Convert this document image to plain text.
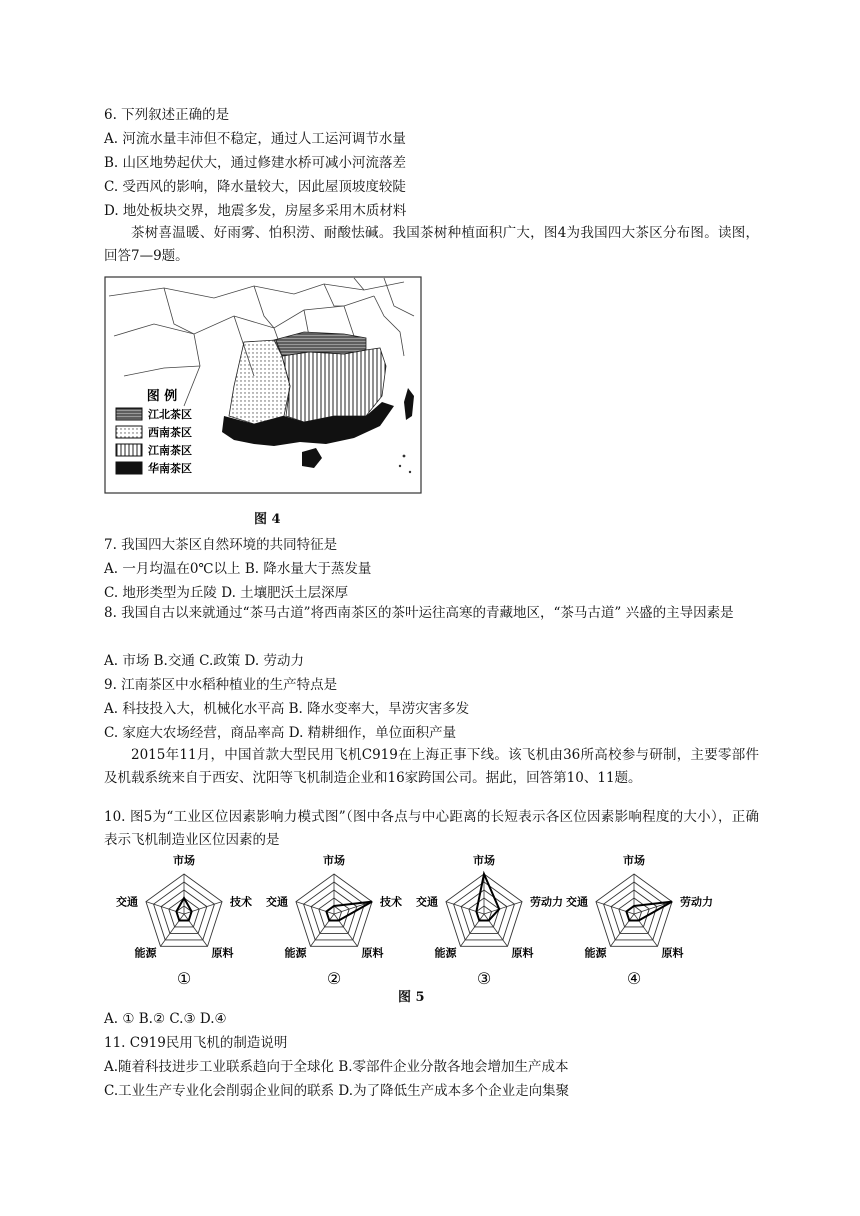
6. 下列叙述正确的是
A. 河流水量丰沛但不稳定，通过人工运河调节水量
B. 山区地势起伏大，通过修建水桥可减小河流落差
C. 受西风的影响，降水量较大，因此屋顶坡度较陡
D. 地处板块交界，地震多发，房屋多采用木质材料
茶树喜温暖、好雨雾、怕积涝、耐酸怯碱。我国茶树种植面积广大，图4为我国四大茶区分布图。读图，回答7—9题。
图 例
江北茶区
西南茶区
江南茶区
华南茶区
图 4
7. 我国四大茶区自然环境的共同特征是
A. 一月均温在0℃以上 B. 降水量大于蒸发量
C. 地形类型为丘陵 D. 土壤肥沃土层深厚
8. 我国自古以来就通过“茶马古道”将西南茶区的茶叶运往高寒的青藏地区，“茶马古道” 兴盛的主导因素是
A. 市场 B.交通 C.政策 D. 劳动力
9. 江南茶区中水稻种植业的生产特点是
A. 科技投入大，机械化水平高 B. 降水变率大，旱涝灾害多发
C. 家庭大农场经营，商品率高 D. 精耕细作，单位面积产量
2015年11月，中国首款大型民用飞机C919在上海正事下线。该飞机由36所高校参与研制，主要零部件及机载系统来自于西安、沈阳等飞机制造企业和16家跨国公司。据此，回答第10、11题。
10. 图5为“工业区位因素影响力模式图”（图中各点与中心距离的长短表示各区位因素影响程度的大小），正确表示飞机制造业区位因素的是
市场
技术
原料
能源
交通
①
市场
技术
原料
能源
交通
②
市场
劳动力
原料
能源
交通
③
市场
劳动力
原料
能源
交通
④
图 5
A. ① B.② C.③ D.④
11. C919民用飞机的制造说明
A.随着科技进步工业联系趋向于全球化 B.零部件企业分散各地会增加生产成本
C.工业生产专业化会削弱企业间的联系 D.为了降低生产成本多个企业走向集聚
